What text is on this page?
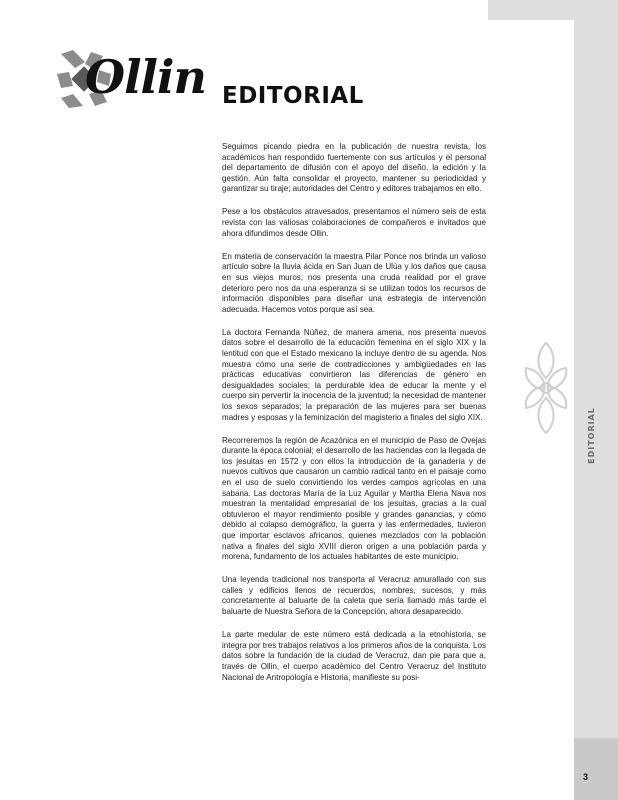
EDITORIAL
3
Ollin EDITORIAL

Seguimos picando piedra en la publicación de nuestra revista, los académicos han respondido fuertemente con sus artículos y el personal del departamento de difusión con el apoyo del diseño, la edición y la gestión. Aún falta consolidar el proyecto, mantener su periodicidad y garantizar su tiraje; autoridades del Centro y editores trabajamos en ello.

Pese a los obstáculos atravesados, presentamos el número seis de esta revista con las valiosas colaboraciones de compañeros e invitados que ahora difundimos desde Ollin.

En materia de conservación la maestra Pilar Ponce nos brinda un valioso artículo sobre la lluvia ácida en San Juan de Ulúa y los daños que causa en sus viejos muros; nos presenta una cruda realidad por el grave deterioro pero nos da una esperanza si se utilizan todos los recursos de información disponibles para diseñar una estrategia de intervención adecuada. Hacemos votos porque así sea.

La doctora Fernanda Núñez, de manera amena, nos presenta nuevos datos sobre el desarrollo de la educación femenina en el siglo XIX y la lentitud con que el Estado mexicano la incluye dentro de su agenda. Nos muestra cómo una serie de contradicciones y ambigüedades en las prácticas educativas convirtieron las diferencias de género en desigualdades sociales; la perdurable idea de educar la mente y el cuerpo sin pervertir la inocencia de la juventud; la necesidad de mantener los sexos separados; la preparación de las mujeres para ser buenas madres y esposas y la feminización del magisterio a finales del siglo XIX.

Recorreremos la región de Acazónica en el municipio de Paso de Ovejas durante la época colonial; el desarrollo de las haciendas con la llegada de los jesuitas en 1572 y con ellos la introducción de la ganadería y de nuevos cultivos que causaron un cambio radical tanto en el paisaje como en el uso de suelo convirtiendo los verdes campos agrícolas en una sabana. Las doctoras María de la Luz Aguilar y Martha Elena Nava nos muestran la mentalidad empresarial de los jesuitas, gracias a la cual obtuvieron el mayor rendimiento posible y grandes ganancias, y cómo debido al colapso demográfico, la guerra y las enfermedades, tuvieron que importar esclavos africanos, quienes mezclados con la población nativa a finales del siglo XVIII dieron origen a una población parda y morena, fundamento de los actuales habitantes de este municipio.

Una leyenda tradicional nos transporta al Veracruz amurallado con sus calles y edificios llenos de recuerdos, nombres, sucesos, y más concretamente al baluarte de la caleta que sería llamado más tarde el baluarte de Nuestra Señora de la Concepción, ahora desaparecido.

La parte medular de este número está dedicada a la etnohistoria, se integra por tres trabajos relativos a los primeros años de la conquista. Los datos sobre la fundación de la ciudad de Veracruz, dan pie para que a, través de Ollin, el cuerpo académico del Centro Veracruz del Instituto Nacional de Antropología e Historia, manifieste su posi-
